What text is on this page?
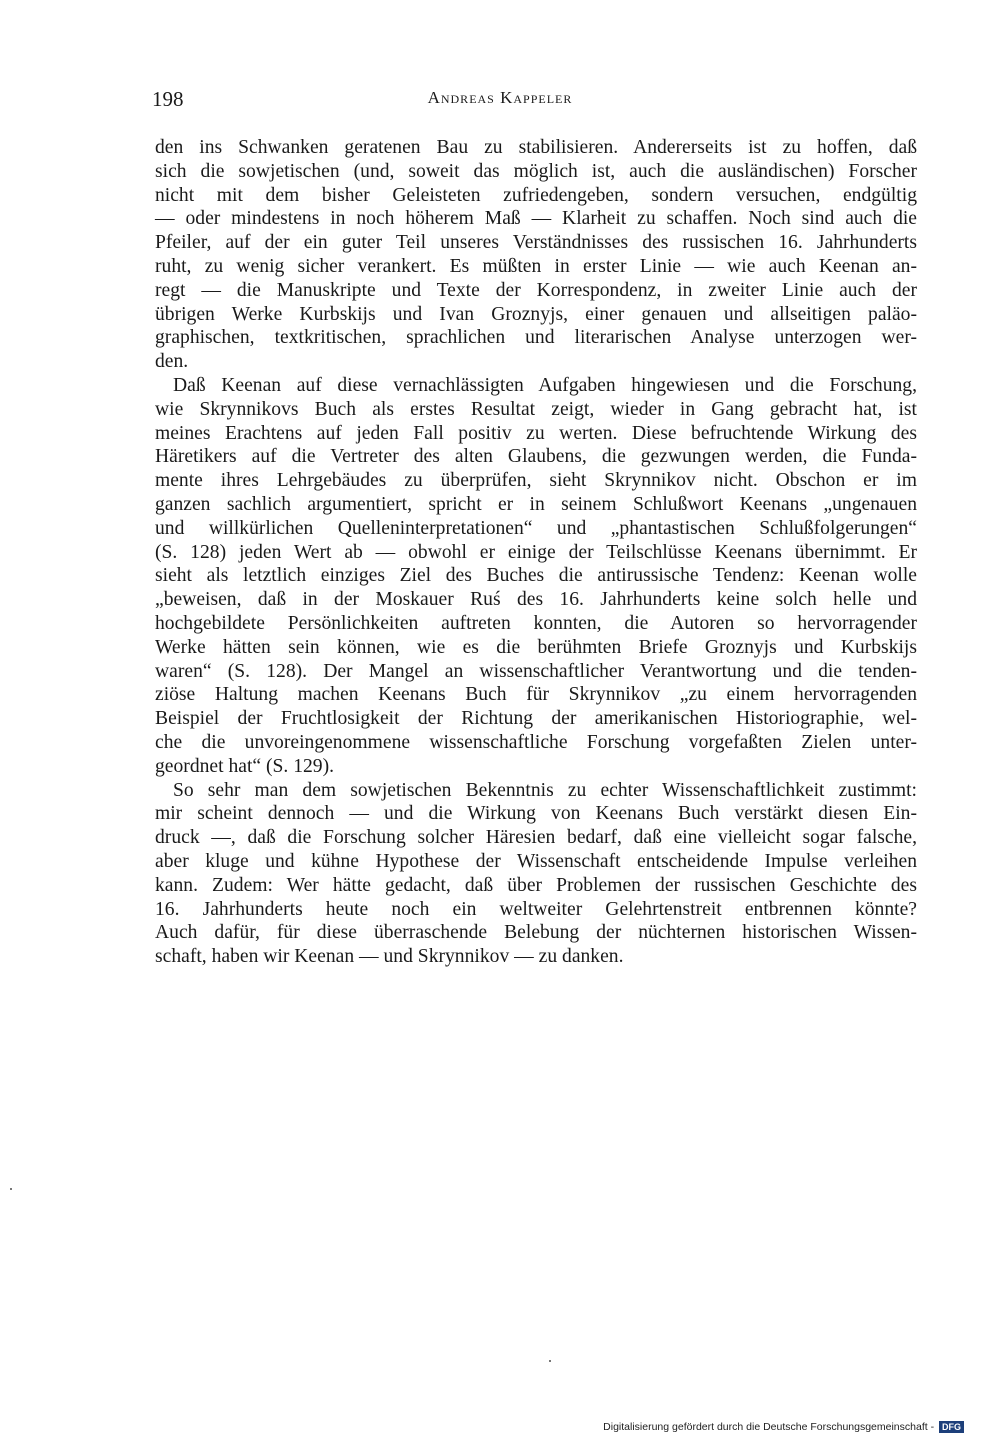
198	Andreas Kappeler
den ins Schwanken geratenen Bau zu stabilisieren. Andererseits ist zu hoffen, daß
sich die sowjetischen (und, soweit das möglich ist, auch die ausländischen) Forscher
nicht mit dem bisher Geleisteten zufriedengeben, sondern versuchen, endgültig
— oder mindestens in noch höherem Maß — Klarheit zu schaffen. Noch sind auch die
Pfeiler, auf der ein guter Teil unseres Verständnisses des russischen 16. Jahrhunderts
ruht, zu wenig sicher verankert. Es müßten in erster Linie — wie auch Keenan an-
regt — die Manuskripte und Texte der Korrespondenz, in zweiter Linie auch der
übrigen Werke Kurbskijs und Ivan Groznyjs, einer genauen und allseitigen paläo-
graphischen, textkritischen, sprachlichen und literarischen Analyse unterzogen wer-
den.
Daß Keenan auf diese vernachlässigten Aufgaben hingewiesen und die Forschung,
wie Skrynnikovs Buch als erstes Resultat zeigt, wieder in Gang gebracht hat, ist
meines Erachtens auf jeden Fall positiv zu werten. Diese befruchtende Wirkung des
Häretikers auf die Vertreter des alten Glaubens, die gezwungen werden, die Funda-
mente ihres Lehrgebäudes zu überprüfen, sieht Skrynnikov nicht. Obschon er im
ganzen sachlich argumentiert, spricht er in seinem Schlußwort Keenans „ungenauen
und willkürlichen Quelleninterpretationen“ und „phantastischen Schlußfolgerungen“
(S. 128) jeden Wert ab — obwohl er einige der Teilschlüsse Keenans übernimmt. Er
sieht als letztlich einziges Ziel des Buches die antirussische Tendenz: Keenan wolle
„beweisen, daß in der Moskauer Ruś des 16. Jahrhunderts keine solch helle und
hochgebildete Persönlichkeiten auftreten konnten, die Autoren so hervorragender
Werke hätten sein können, wie es die berühmten Briefe Groznyjs und Kurbskijs
waren“ (S. 128). Der Mangel an wissenschaftlicher Verantwortung und die tenden-
ziöse Haltung machen Keenans Buch für Skrynnikov „zu einem hervorragenden
Beispiel der Fruchtlosigkeit der Richtung der amerikanischen Historiographie, wel-
che die unvoreingenommene wissenschaftliche Forschung vorgefaßten Zielen unter-
geordnet hat“ (S. 129).
So sehr man dem sowjetischen Bekenntnis zu echter Wissenschaftlichkeit zustimmt:
mir scheint dennoch — und die Wirkung von Keenans Buch verstärkt diesen Ein-
druck —, daß die Forschung solcher Häresien bedarf, daß eine vielleicht sogar falsche,
aber kluge und kühne Hypothese der Wissenschaft entscheidende Impulse verleihen
kann. Zudem: Wer hätte gedacht, daß über Problemen der russischen Geschichte des
16. Jahrhunderts heute noch ein weltweiter Gelehrtenstreit entbrennen könnte?
Auch dafür, für diese überraschende Belebung der nüchternen historischen Wissen-
schaft, haben wir Keenan — und Skrynnikov — zu danken.
Digitalisierung gefördert durch die Deutsche Forschungsgemeinschaft - DFG
